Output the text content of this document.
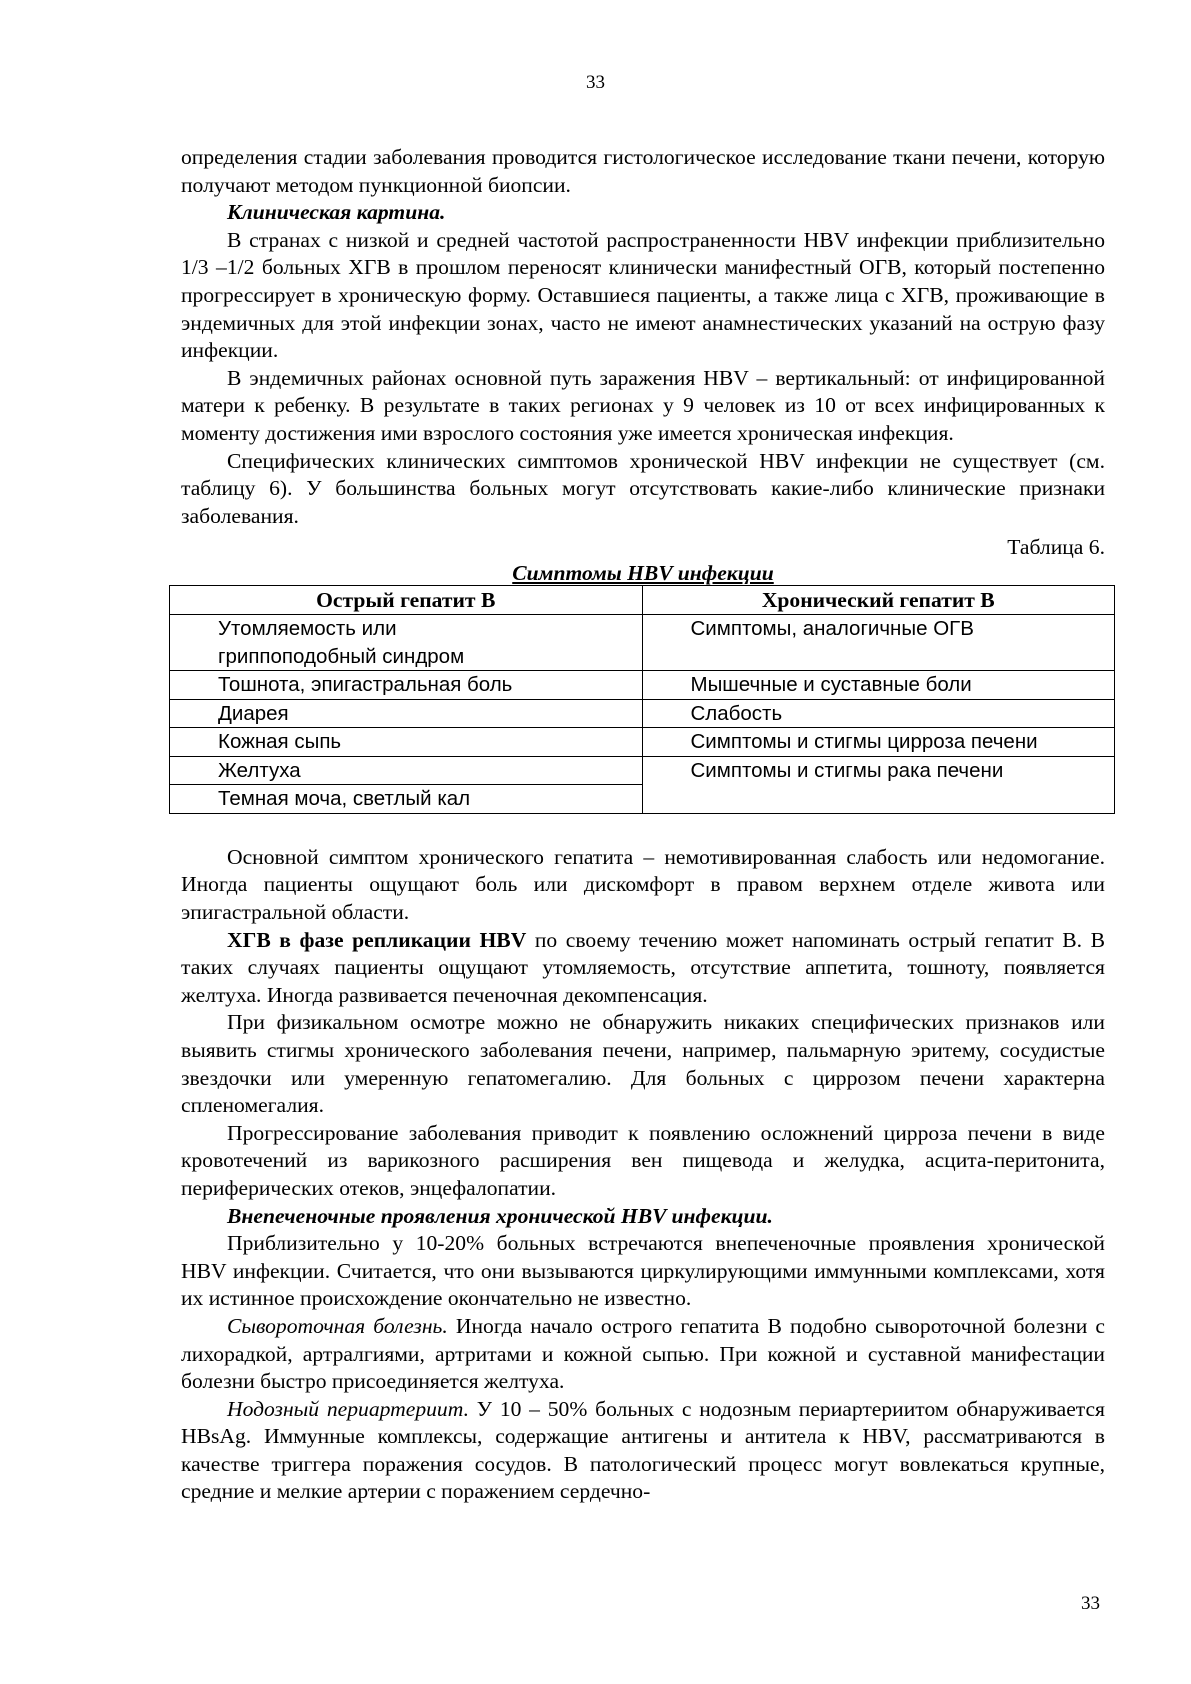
33

определения стадии заболевания проводится гистологическое исследование ткани печени, которую получают методом пункционной биопсии.

Клиническая картина.

В странах с низкой и средней частотой распространенности HBV инфекции приблизительно 1/3 –1/2 больных ХГВ в прошлом переносят клинически манифестный ОГВ, который постепенно прогрессирует в хроническую форму. Оставшиеся пациенты, а также лица с ХГВ, проживающие в эндемичных для этой инфекции зонах, часто не имеют анамнестических указаний на острую фазу инфекции.

В эндемичных районах основной путь заражения HBV – вертикальный: от инфицированной матери к ребенку. В результате в таких регионах у 9 человек из 10 от всех инфицированных к моменту достижения ими взрослого состояния уже имеется хроническая инфекция.

Специфических клинических симптомов хронической HBV инфекции не существует (см. таблицу 6). У большинства больных могут отсутствовать какие-либо клинические признаки заболевания.

Таблица 6.
Симптомы HBV инфекции
Острый гепатит В	Хронический гепатит В
Утомляемость или гриппоподобный синдром	Симптомы, аналогичные ОГВ
Тошнота, эпигастральная боль	Мышечные и суставные боли
Диарея	Слабость
Кожная сыпь	Симптомы и стигмы цирроза печени
Желтуха	Симптомы и стигмы рака печени
Темная моча, светлый кал	

Основной симптом хронического гепатита – немотивированная слабость или недомогание. Иногда пациенты ощущают боль или дискомфорт в правом верхнем отделе живота или эпигастральной области.

ХГВ в фазе репликации HBV по своему течению может напоминать острый гепатит В. В таких случаях пациенты ощущают утомляемость, отсутствие аппетита, тошноту, появляется желтуха. Иногда развивается печеночная декомпенсация.

При физикальном осмотре можно не обнаружить никаких специфических признаков или выявить стигмы хронического заболевания печени, например, пальмарную эритему, сосудистые звездочки или умеренную гепатомегалию. Для больных с циррозом печени характерна спленомегалия.

Прогрессирование заболевания приводит к появлению осложнений цирроза печени в виде кровотечений из варикозного расширения вен пищевода и желудка, асцита-перитонита, периферических отеков, энцефалопатии.

Внепеченочные проявления хронической HBV инфекции.

Приблизительно у 10-20% больных встречаются внепеченочные проявления хронической HBV инфекции. Считается, что они вызываются циркулирующими иммунными комплексами, хотя их истинное происхождение окончательно не известно.

Сывороточная болезнь. Иногда начало острого гепатита В подобно сывороточной болезни с лихорадкой, артралгиями, артритами и кожной сыпью. При кожной и суставной манифестации болезни быстро присоединяется желтуха.

Нодозный периартериит. У 10 – 50% больных с нодозным периартериитом обнаруживается HBsAg. Иммунные комплексы, содержащие антигены и антитела к HBV, рассматриваются в качестве триггера поражения сосудов. В патологический процесс могут вовлекаться крупные, средние и мелкие артерии с поражением сердечно-

33
